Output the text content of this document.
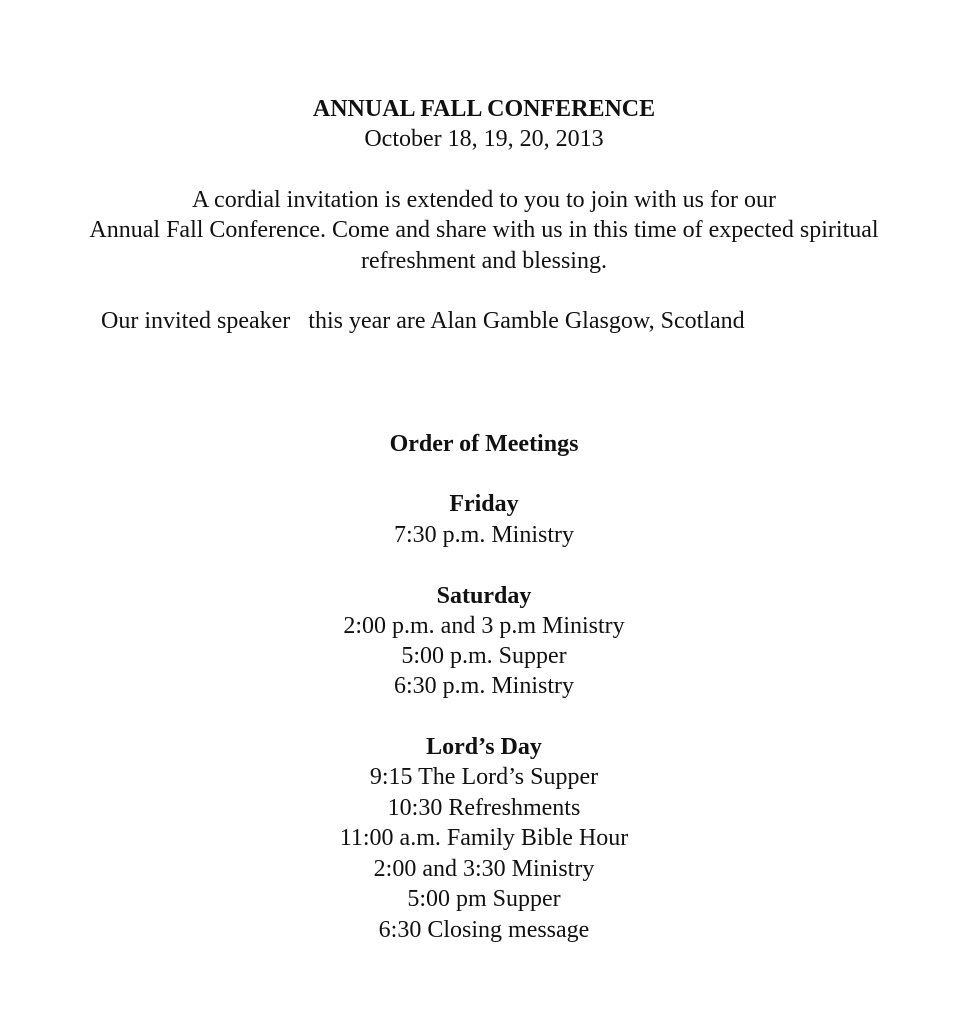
ANNUAL FALL CONFERENCE
October 18, 19, 20, 2013
A cordial invitation is extended to you to join with us for our
Annual Fall Conference. Come and share with us in this time of expected spiritual
refreshment and blessing.
Our invited speaker   this year are Alan Gamble Glasgow, Scotland
Order of Meetings
Friday
7:30 p.m. Ministry
Saturday
2:00 p.m. and 3 p.m Ministry
5:00 p.m. Supper
6:30 p.m. Ministry
Lord’s Day
9:15 The Lord’s Supper
10:30 Refreshments
11:00 a.m. Family Bible Hour
2:00 and 3:30 Ministry
5:00 pm Supper
6:30 Closing message
